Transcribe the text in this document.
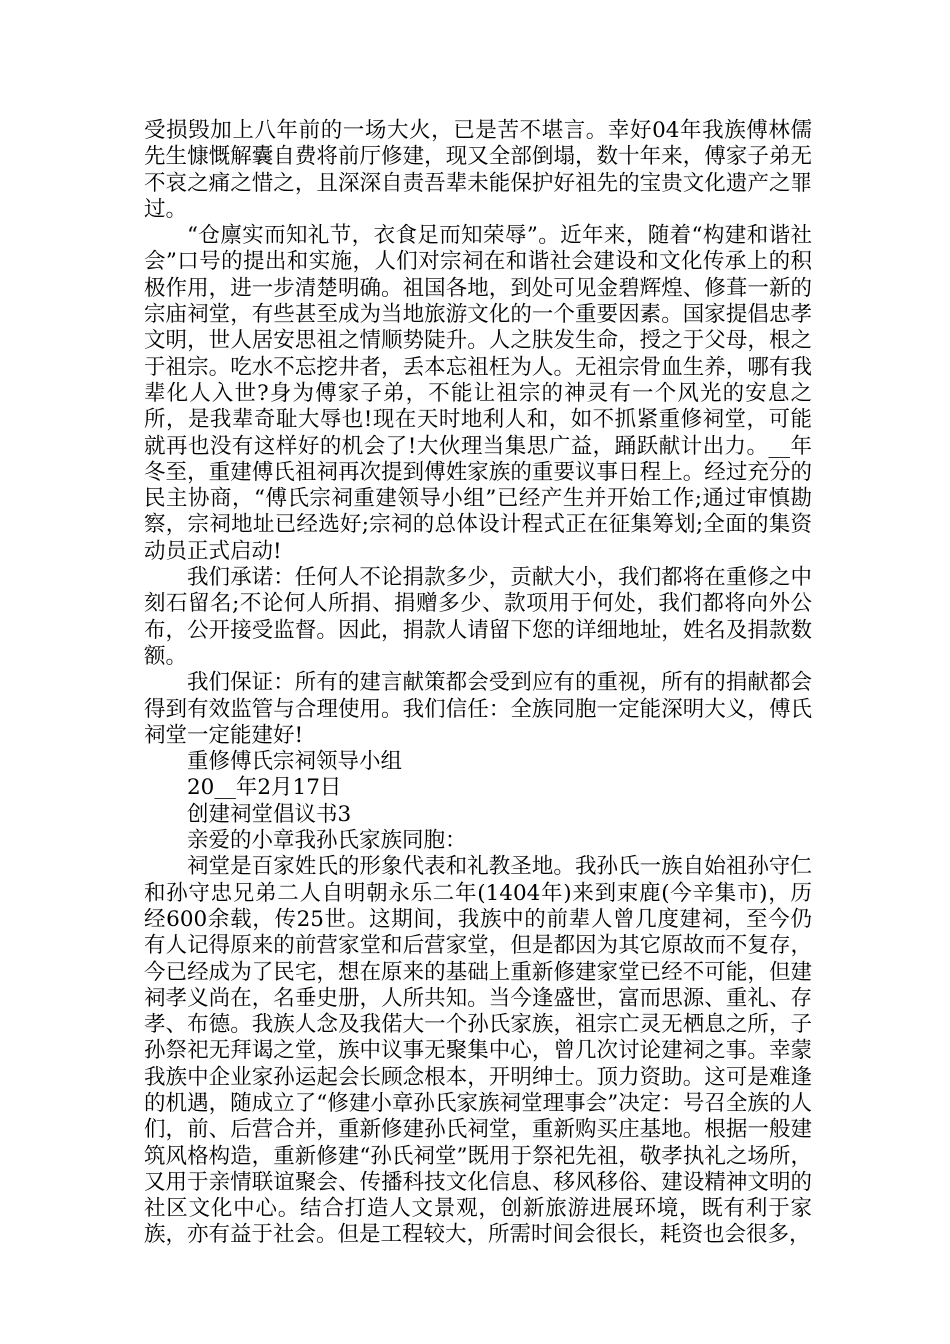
受损毁加上八年前的一场大火，已是苦不堪言。幸好04年我族傅林儒先生慷慨解囊自费将前厅修建，现又全部倒塌，数十年来，傅家子弟无不哀之痛之惜之，且深深自责吾辈未能保护好祖先的宝贵文化遗产之罪过。

“仓廪实而知礼节，衣食足而知荣辱”。近年来，随着“构建和谐社会”口号的提出和实施，人们对宗祠在和谐社会建设和文化传承上的积极作用，进一步清楚明确。祖国各地，到处可见金碧辉煌、修葺一新的宗庙祠堂，有些甚至成为当地旅游文化的一个重要因素。国家提倡忠孝文明，世人居安思祖之情顺势陡升。人之肤发生命，授之于父母，根之于祖宗。吃水不忘挖井者，丢本忘祖枉为人。无祖宗骨血生养，哪有我辈化人入世?身为傅家子弟，不能让祖宗的神灵有一个风光的安息之所，是我辈奇耻大辱也!现在天时地利人和，如不抓紧重修祠堂，可能就再也没有这样好的机会了!大伙理当集思广益，踊跃献计出力。__年冬至，重建傅氏祖祠再次提到傅姓家族的重要议事日程上。经过充分的民主协商，“傅氏宗祠重建领导小组”已经产生并开始工作;通过审慎勘察，宗祠地址已经选好;宗祠的总体设计程式正在征集筹划;全面的集资动员正式启动!

我们承诺：任何人不论捐款多少，贡献大小，我们都将在重修之中刻石留名;不论何人所捐、捐赠多少、款项用于何处，我们都将向外公布，公开接受监督。因此，捐款人请留下您的详细地址，姓名及捐款数额。

我们保证：所有的建言献策都会受到应有的重视，所有的捐献都会得到有效监管与合理使用。我们信任：全族同胞一定能深明大义，傅氏祠堂一定能建好!

重修傅氏宗祠领导小组

20__年2月17日

创建祠堂倡议书3

亲爱的小章我孙氏家族同胞：

祠堂是百家姓氏的形象代表和礼教圣地。我孙氏一族自始祖孙守仁和孙守忠兄弟二人自明朝永乐二年(1404年)来到束鹿(今辛集市)，历经600余载，传25世。这期间，我族中的前辈人曾几度建祠，至今仍有人记得原来的前营家堂和后营家堂，但是都因为其它原故而不复存，今已经成为了民宅，想在原来的基础上重新修建家堂已经不可能，但建祠孝义尚在，名垂史册，人所共知。当今逢盛世，富而思源、重礼、存孝、布德。我族人念及我偌大一个孙氏家族，祖宗亡灵无栖息之所，子孙祭祀无拜谒之堂，族中议事无聚集中心，曾几次讨论建祠之事。幸蒙我族中企业家孙运起会长顾念根本，开明绅士。顶力资助。这可是难逢的机遇，随成立了“修建小章孙氏家族祠堂理事会”决定：号召全族的人们，前、后营合并，重新修建孙氏祠堂，重新购买庄基地。根据一般建筑风格构造，重新修建“孙氏祠堂”既用于祭祀先祖，敬孝执礼之场所，又用于亲情联谊聚会、传播科技文化信息、移风移俗、建设精神文明的社区文化中心。结合打造人文景观，创新旅游进展环境，既有利于家族，亦有益于社会。但是工程较大，所需时间会很长，耗资也会很多，
